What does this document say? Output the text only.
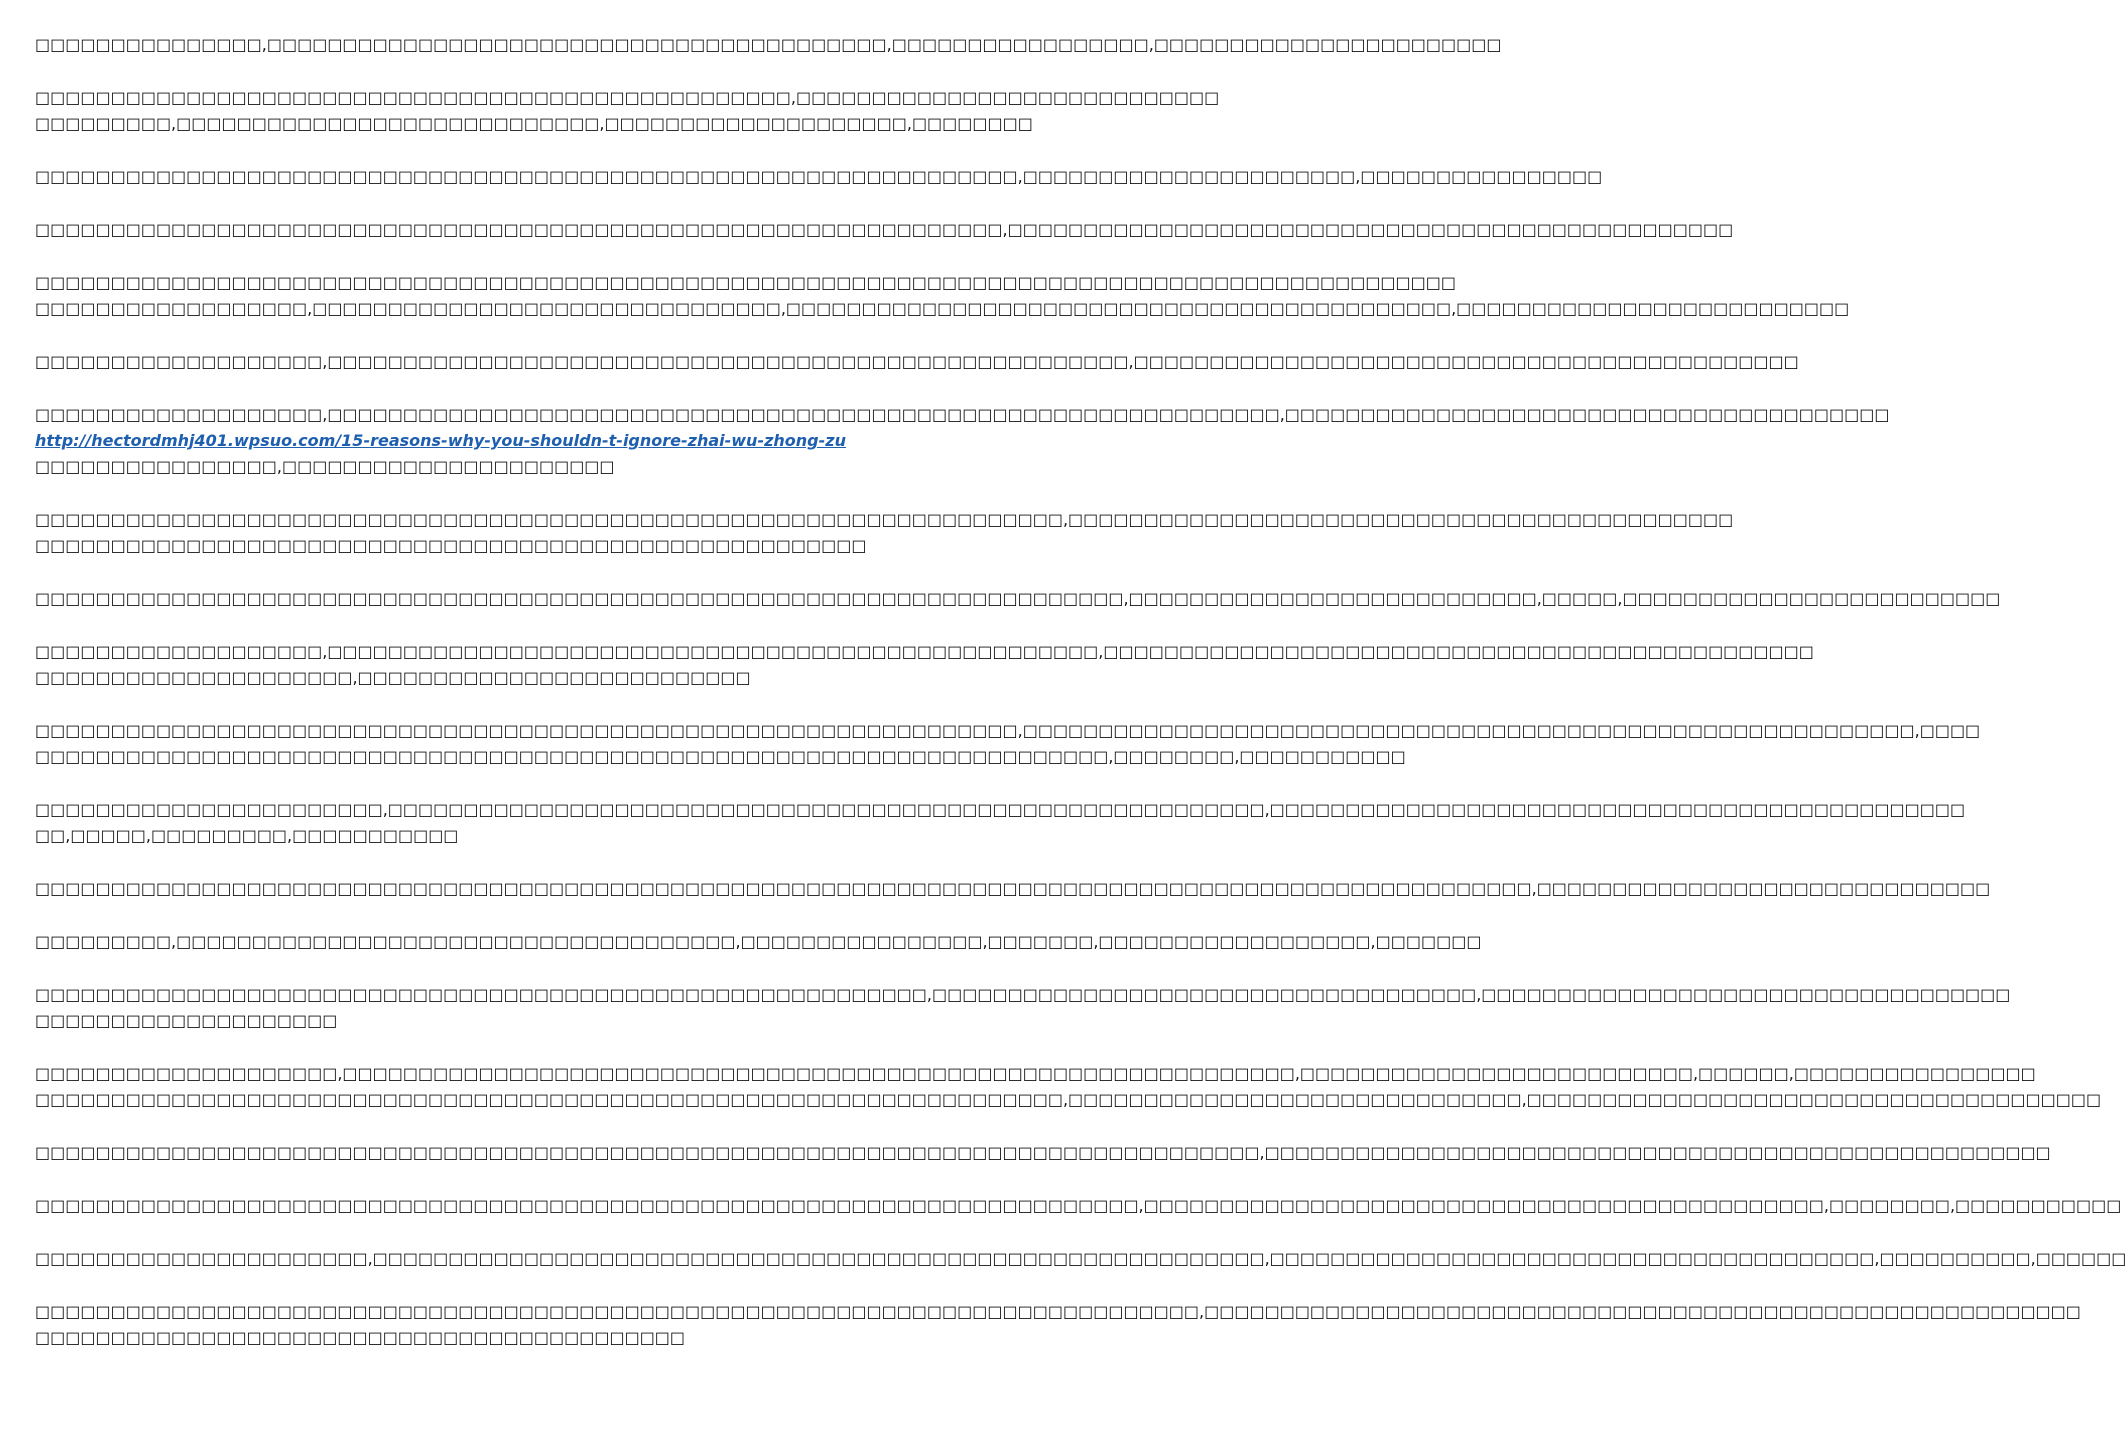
□□□□□□□□□□□□□□□,□□□□□□□□□□□□□□□□□□□□□□□□□□□□□□□□□□□□□□□□□,□□□□□□□□□□□□□□□□□,□□□□□□□□□□□□□□□□□□□□□□□
□□□□□□□□□□□□□□□□□□□□□□□□□□□□□□□□□□□□□□□□□□□□□□□□□□,□□□□□□□□□□□□□□□□□□□□□□□□□□□□
□□□□□□□□□,□□□□□□□□□□□□□□□□□□□□□□□□□□□□,□□□□□□□□□□□□□□□□□□□□,□□□□□□□□
□□□□□□□□□□□□□□□□□□□□□□□□□□□□□□□□□□□□□□□□□□□□□□□□□□□□□□□□□□□□□□□□□,□□□□□□□□□□□□□□□□□□□□□□,□□□□□□□□□□□□□□□□
□□□□□□□□□□□□□□□□□□□□□□□□□□□□□□□□□□□□□□□□□□□□□□□□□□□□□□□□□□□□□□□□,□□□□□□□□□□□□□□□□□□□□□□□□□□□□□□□□□□□□□□□□□□□□□□□□
□□□□□□□□□□□□□□□□□□□□□□□□□□□□□□□□□□□□□□□□□□□□□□□□□□□□□□□□□□□□□□□□□□□□□□□□□□□□□□□□□□□□□□□□□□□□□□
□□□□□□□□□□□□□□□□□□,□□□□□□□□□□□□□□□□□□□□□□□□□□□□□□□,□□□□□□□□□□□□□□□□□□□□□□□□□□□□□□□□□□□□□□□□□□□□,□□□□□□□□□□□□□□□□□□□□□□□□□□
□□□□□□□□□□□□□□□□□□□,□□□□□□□□□□□□□□□□□□□□□□□□□□□□□□□□□□□□□□□□□□□□□□□□□□□□□,□□□□□□□□□□□□□□□□□□□□□□□□□□□□□□□□□□□□□□□□□□□□
□□□□□□□□□□□□□□□□□□□,□□□□□□□□□□□□□□□□□□□□□□□□□□□□□□□□□□□□□□□□□□□□□□□□□□□□□□□□□□□□□□□,□□□□□□□□□□□□□□□□□□□□□□□□□□□□□□□□□□□□□□□□
http://hectordmhj401.wpsuo.com/15-reasons-why-you-shouldn-t-ignore-zhai-wu-zhong-zu
□□□□□□□□□□□□□□□□,□□□□□□□□□□□□□□□□□□□□□□
□□□□□□□□□□□□□□□□□□□□□□□□□□□□□□□□□□□□□□□□□□□□□□□□□□□□□□□□□□□□□□□□□□□□,□□□□□□□□□□□□□□□□□□□□□□□□□□□□□□□□□□□□□□□□□□□□
□□□□□□□□□□□□□□□□□□□□□□□□□□□□□□□□□□□□□□□□□□□□□□□□□□□□□□□
□□□□□□□□□□□□□□□□□□□□□□□□□□□□□□□□□□□□□□□□□□□□□□□□□□□□□□□□□□□□□□□□□□□□□□□□,□□□□□□□□□□□□□□□□□□□□□□□□□□□,□□□□□,□□□□□□□□□□□□□□□□□□□□□□□□□
□□□□□□□□□□□□□□□□□□□,□□□□□□□□□□□□□□□□□□□□□□□□□□□□□□□□□□□□□□□□□□□□□□□□□□□,□□□□□□□□□□□□□□□□□□□□□□□□□□□□□□□□□□□□□□□□□□□□□□□
□□□□□□□□□□□□□□□□□□□□□,□□□□□□□□□□□□□□□□□□□□□□□□□□
□□□□□□□□□□□□□□□□□□□□□□□□□□□□□□□□□□□□□□□□□□□□□□□□□□□□□□□□□□□□□□□□□,□□□□□□□□□□□□□□□□□□□□□□□□□□□□□□□□□□□□□□□□□□□□□□□□□□□□□□□□□□□,□□□□
□□□□□□□□□□□□□□□□□□□□□□□□□□□□□□□□□□□□□□□□□□□□□□□□□□□□□□□□□□□□□□□□□□□□□□□,□□□□□□□□,□□□□□□□□□□□
□□□□□□□□□□□□□□□□□□□□□□□,□□□□□□□□□□□□□□□□□□□□□□□□□□□□□□□□□□□□□□□□□□□□□□□□□□□□□□□□□□,□□□□□□□□□□□□□□□□□□□□□□□□□□□□□□□□□□□□□□□□□□□□□□
□□,□□□□□,□□□□□□□□□,□□□□□□□□□□□
□□□□□□□□□□□□□□□□□□□□□□□□□□□□□□□□□□□□□□□□□□□□□□□□□□□□□□□□□□□□□□□□□□□□□□□□□□□□□□□□□□□□□□□□□□□□□□□□□□□,□□□□□□□□□□□□□□□□□□□□□□□□□□□□□□
□□□□□□□□□,□□□□□□□□□□□□□□□□□□□□□□□□□□□□□□□□□□□□□,□□□□□□□□□□□□□□□□,□□□□□□□,□□□□□□□□□□□□□□□□□□,□□□□□□□
□□□□□□□□□□□□□□□□□□□□□□□□□□□□□□□□□□□□□□□□□□□□□□□□□□□□□□□□□□□,□□□□□□□□□□□□□□□□□□□□□□□□□□□□□□□□□□□□,□□□□□□□□□□□□□□□□□□□□□□□□□□□□□□□□□□□
□□□□□□□□□□□□□□□□□□□□
□□□□□□□□□□□□□□□□□□□□,□□□□□□□□□□□□□□□□□□□□□□□□□□□□□□□□□□□□□□□□□□□□□□□□□□□□□□□□□□□□□□□,□□□□□□□□□□□□□□□□□□□□□□□□□□,□□□□□□,□□□□□□□□□□□□□□□□
□□□□□□□□□□□□□□□□□□□□□□□□□□□□□□□□□□□□□□□□□□□□□□□□□□□□□□□□□□□□□□□□□□□□,□□□□□□□□□□□□□□□□□□□□□□□□□□□□□□,□□□□□□□□□□□□□□□□□□□□□□□□□□□□□□□□□□□□□□
□□□□□□□□□□□□□□□□□□□□□□□□□□□□□□□□□□□□□□□□□□□□□□□□□□□□□□□□□□□□□□□□□□□□□□□□□□□□□□□□□,□□□□□□□□□□□□□□□□□□□□□□□□□□□□□□□□□□□□□□□□□□□□□□□□□□□□
□□□□□□□□□□□□□□□□□□□□□□□□□□□□□□□□□□□□□□□□□□□□□□□□□□□□□□□□□□□□□□□□□□□□□□□□□,□□□□□□□□□□□□□□□□□□□□□□□□□□□□□□□□□□□□□□□□□□□□□,□□□□□□□□,□□□□□□□□□□□
□□□□□□□□□□□□□□□□□□□□□□,□□□□□□□□□□□□□□□□□□□□□□□□□□□□□□□□□□□□□□□□□□□□□□□□□□□□□□□□□□□,□□□□□□□□□□□□□□□□□□□□□□□□□□□□□□□□□□□□□□□□,□□□□□□□□□□,□□□□□□
□□□□□□□□□□□□□□□□□□□□□□□□□□□□□□□□□□□□□□□□□□□□□□□□□□□□□□□□□□□□□□□□□□□□□□□□□□□□□,□□□□□□□□□□□□□□□□□□□□□□□□□□□□□□□□□□□□□□□□□□□□□□□□□□□□□□□□□□
□□□□□□□□□□□□□□□□□□□□□□□□□□□□□□□□□□□□□□□□□□□
